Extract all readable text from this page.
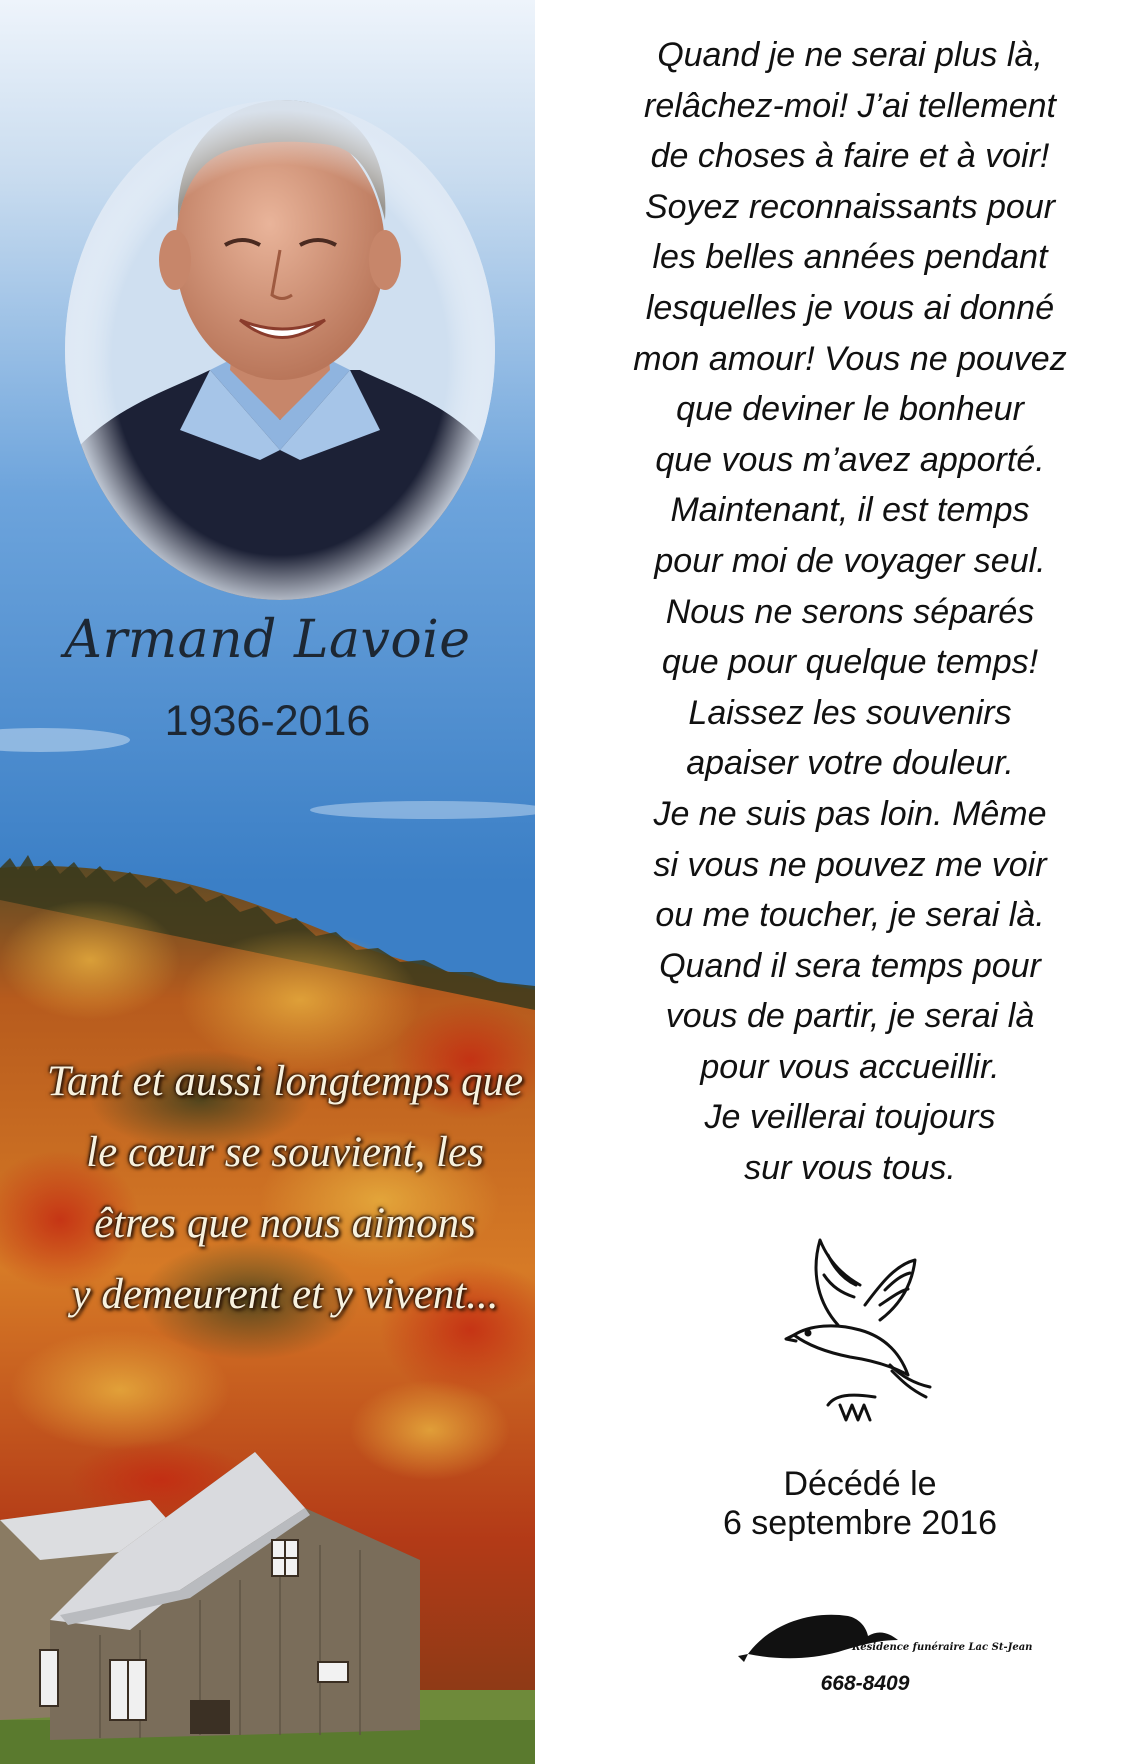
Armand Lavoie
1936-2016
Tant et aussi longtemps que
le cœur se souvient, les
êtres que nous aimons
y demeurent et y vivent...
Quand je ne serai plus là,
relâchez-moi! J’ai tellement
de choses à faire et à voir!
Soyez reconnaissants pour
les belles années pendant
lesquelles je vous ai donné
mon amour! Vous ne pouvez
que deviner le bonheur
que vous m’avez apporté.
Maintenant, il est temps
pour moi de voyager seul.
Nous ne serons séparés
que pour quelque temps!
Laissez les souvenirs
apaiser votre douleur.
Je ne suis pas loin. Même
si vous ne pouvez me voir
ou me toucher, je serai là.
Quand il sera temps pour
vous de partir, je serai là
pour vous accueillir.
Je veillerai toujours
sur vous tous.
Décédé le
6 septembre 2016
Résidence funéraire Lac St-Jean
668-8409
